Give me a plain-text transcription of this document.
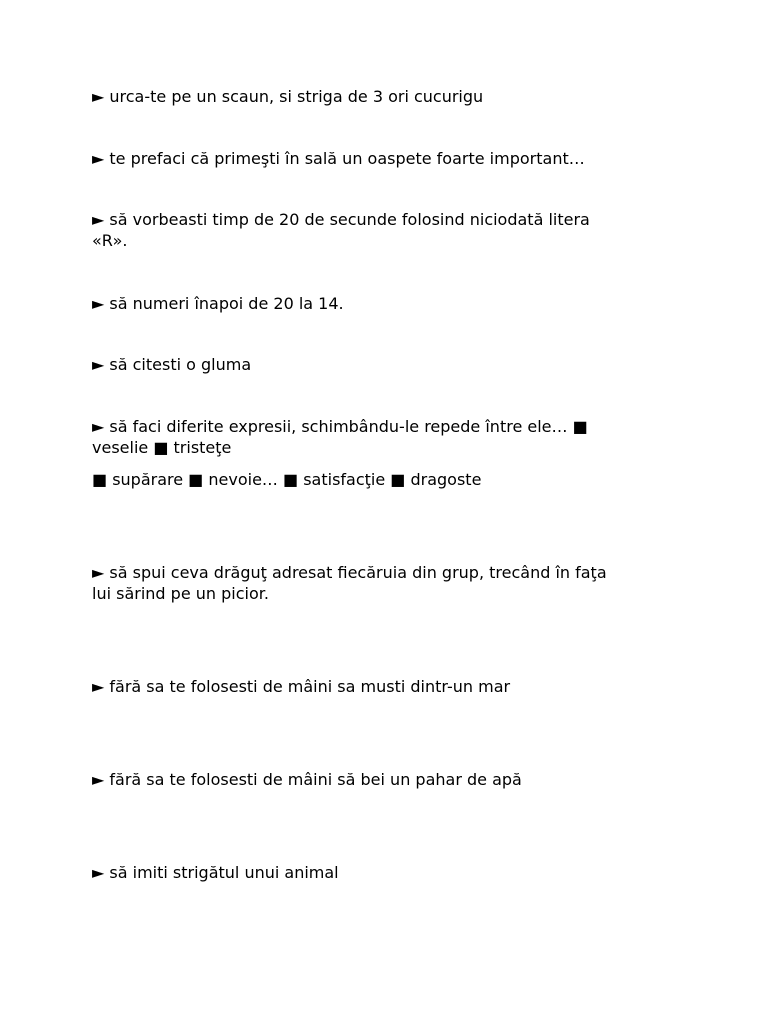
► urca-te pe un scaun, si striga de 3 ori cucurigu
► te prefaci că primeşti în sală un oaspete foarte important…
► să vorbeasti timp de 20 de secunde folosind niciodată litera
«R».
► să numeri înapoi de 20 la 14.
► să citesti o gluma
► să faci diferite expresii, schimbându-le repede între ele… ■
veselie ■ tristeţe
■ supărare ■ nevoie… ■ satisfacţie ■ dragoste
► să spui ceva drăguţ adresat fiecăruia din grup, trecând în faţa
lui sărind pe un picior.
► fără sa te folosesti de mâini sa musti dintr-un mar
► fără sa te folosesti de mâini să bei un pahar de apă
► să imiti strigătul unui animal
